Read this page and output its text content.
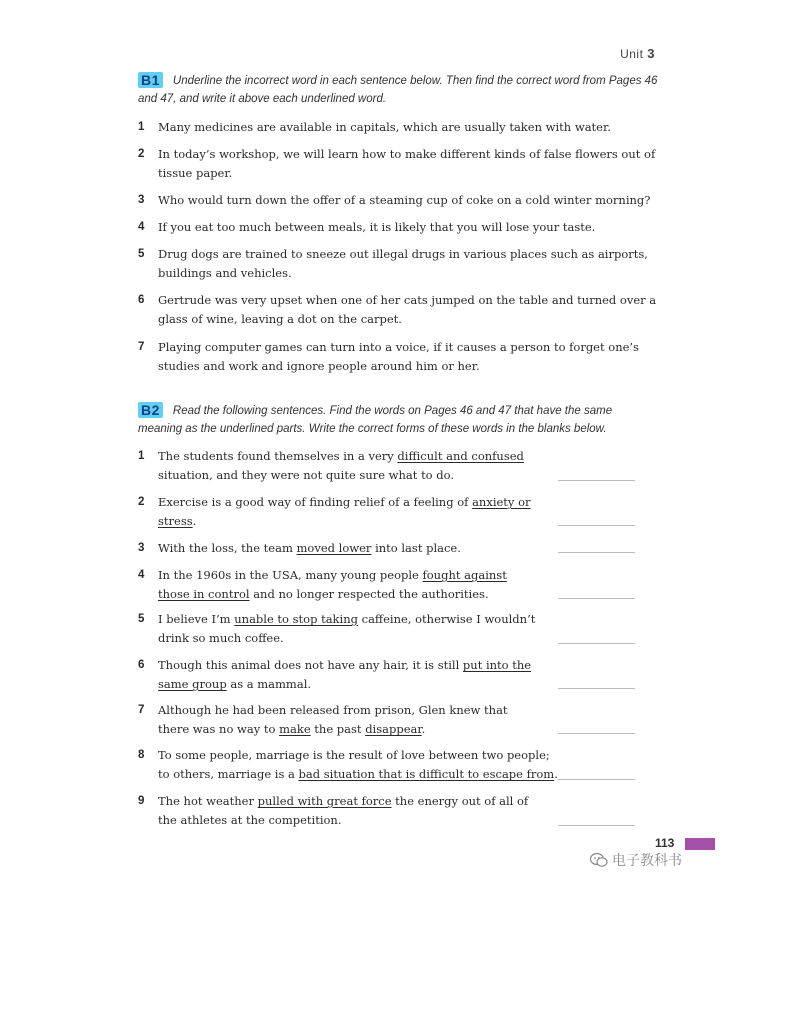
Unit 3
B1 Underline the incorrect word in each sentence below. Then find the correct word from Pages 46 and 47, and write it above each underlined word.
1 Many medicines are available in capitals, which are usually taken with water.
2 In today’s workshop, we will learn how to make different kinds of false flowers out of tissue paper.
3 Who would turn down the offer of a steaming cup of coke on a cold winter morning?
4 If you eat too much between meals, it is likely that you will lose your taste.
5 Drug dogs are trained to sneeze out illegal drugs in various places such as airports, buildings and vehicles.
6 Gertrude was very upset when one of her cats jumped on the table and turned over a glass of wine, leaving a dot on the carpet.
7 Playing computer games can turn into a voice, if it causes a person to forget one’s studies and work and ignore people around him or her.
B2 Read the following sentences. Find the words on Pages 46 and 47 that have the same meaning as the underlined parts. Write the correct forms of these words in the blanks below.
1 The students found themselves in a very difficult and confused situation, and they were not quite sure what to do.
2 Exercise is a good way of finding relief of a feeling of anxiety or stress.
3 With the loss, the team moved lower into last place.
4 In the 1960s in the USA, many young people fought against those in control and no longer respected the authorities.
5 I believe I’m unable to stop taking caffeine, otherwise I wouldn’t drink so much coffee.
6 Though this animal does not have any hair, it is still put into the same group as a mammal.
7 Although he had been released from prison, Glen knew that there was no way to make the past disappear.
8 To some people, marriage is the result of love between two people; to others, marriage is a bad situation that is difficult to escape from.
9 The hot weather pulled with great force the energy out of all of the athletes at the competition.
113
电子教科书
